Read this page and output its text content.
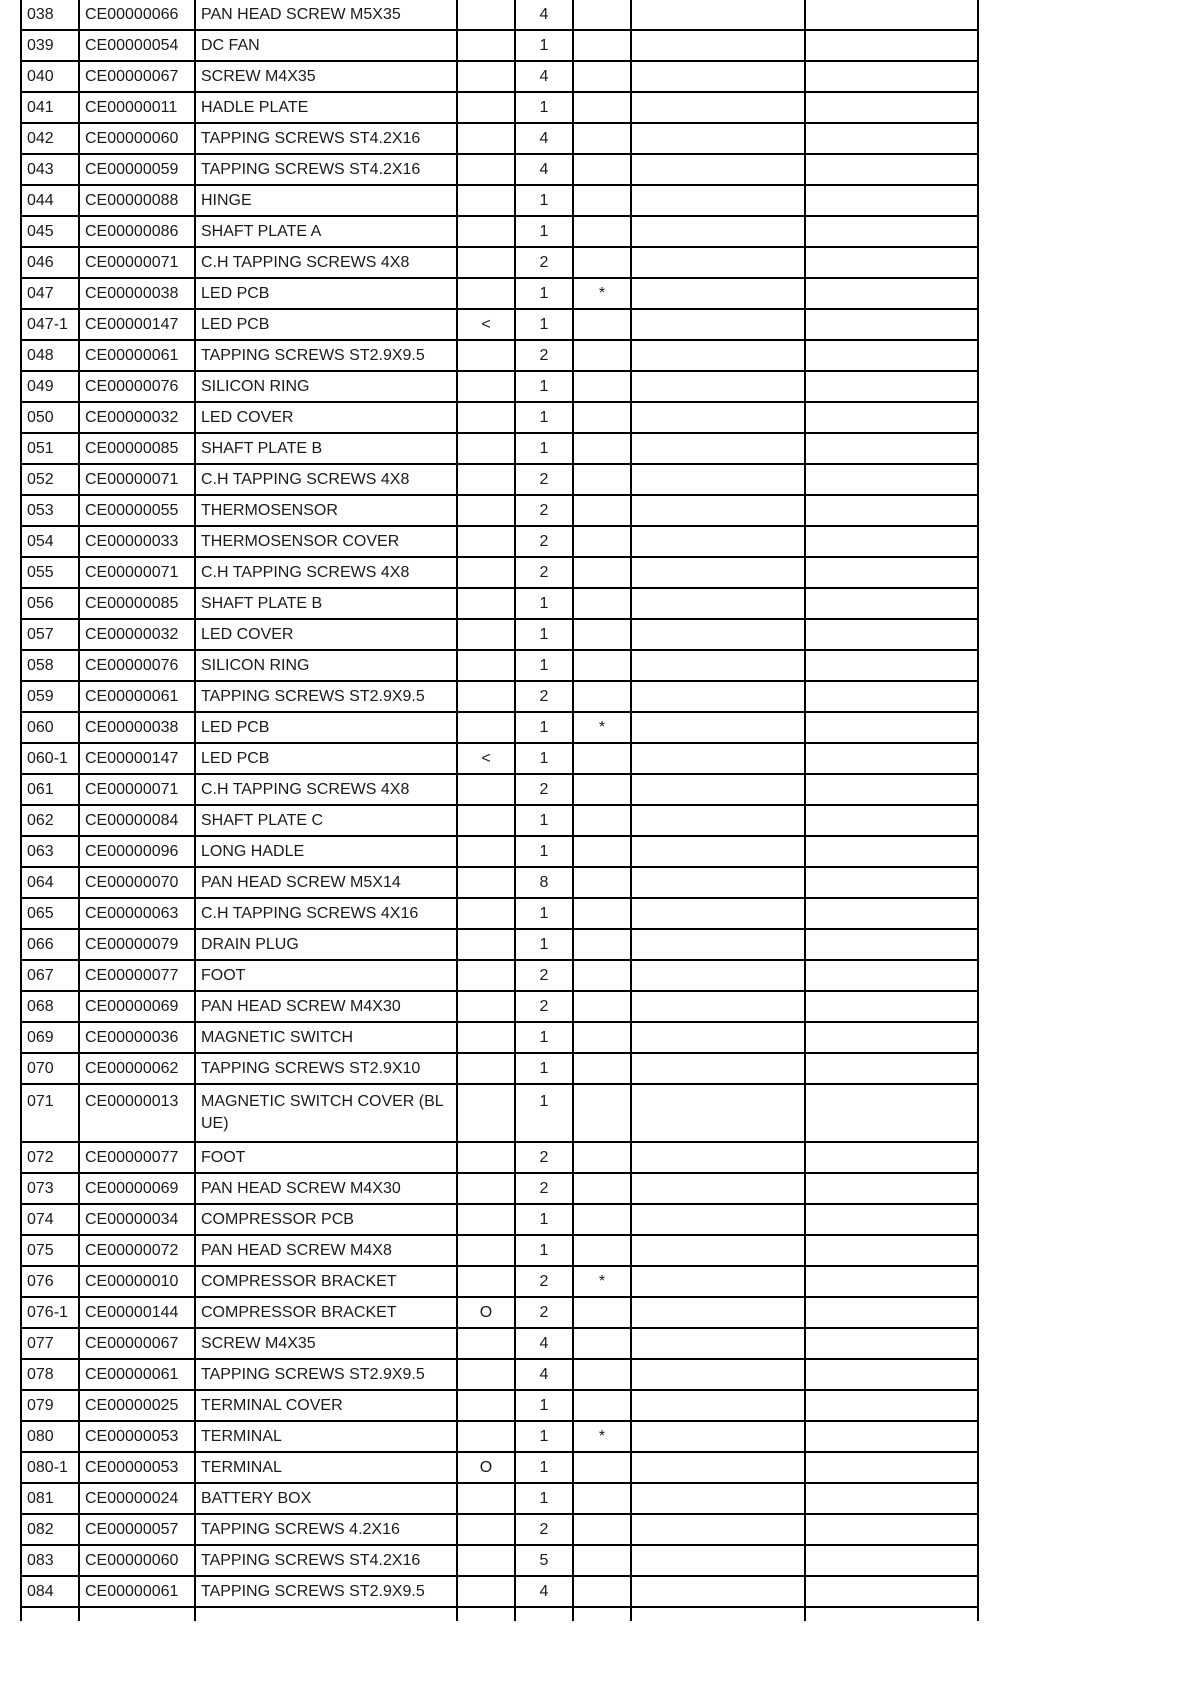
038	CE00000066	PAN HEAD SCREW M5X35		4			
039	CE00000054	DC FAN		1			
040	CE00000067	SCREW M4X35		4			
041	CE00000011	HADLE PLATE		1			
042	CE00000060	TAPPING SCREWS ST4.2X16		4			
043	CE00000059	TAPPING SCREWS ST4.2X16		4			
044	CE00000088	HINGE		1			
045	CE00000086	SHAFT PLATE A		1			
046	CE00000071	C.H TAPPING SCREWS 4X8		2			
047	CE00000038	LED PCB		1	*		
047-1	CE00000147	LED PCB	<	1			
048	CE00000061	TAPPING SCREWS ST2.9X9.5		2			
049	CE00000076	SILICON RING		1			
050	CE00000032	LED COVER		1			
051	CE00000085	SHAFT PLATE B		1			
052	CE00000071	C.H TAPPING SCREWS 4X8		2			
053	CE00000055	THERMOSENSOR		2			
054	CE00000033	THERMOSENSOR COVER		2			
055	CE00000071	C.H TAPPING SCREWS 4X8		2			
056	CE00000085	SHAFT PLATE B		1			
057	CE00000032	LED COVER		1			
058	CE00000076	SILICON RING		1			
059	CE00000061	TAPPING SCREWS ST2.9X9.5		2			
060	CE00000038	LED PCB		1	*		
060-1	CE00000147	LED PCB	<	1			
061	CE00000071	C.H TAPPING SCREWS 4X8		2			
062	CE00000084	SHAFT PLATE C		1			
063	CE00000096	LONG HADLE		1			
064	CE00000070	PAN HEAD SCREW M5X14		8			
065	CE00000063	C.H TAPPING SCREWS 4X16		1			
066	CE00000079	DRAIN PLUG		1			
067	CE00000077	FOOT		2			
068	CE00000069	PAN HEAD SCREW M4X30		2			
069	CE00000036	MAGNETIC SWITCH		1			
070	CE00000062	TAPPING SCREWS ST2.9X10		1			
071	CE00000013	MAGNETIC SWITCH COVER (BLUE)		1			
072	CE00000077	FOOT		2			
073	CE00000069	PAN HEAD SCREW M4X30		2			
074	CE00000034	COMPRESSOR PCB		1			
075	CE00000072	PAN HEAD SCREW M4X8		1			
076	CE00000010	COMPRESSOR BRACKET		2	*		
076-1	CE00000144	COMPRESSOR BRACKET	O	2			
077	CE00000067	SCREW M4X35		4			
078	CE00000061	TAPPING SCREWS ST2.9X9.5		4			
079	CE00000025	TERMINAL COVER		1			
080	CE00000053	TERMINAL		1	*		
080-1	CE00000053	TERMINAL	O	1			
081	CE00000024	BATTERY BOX		1			
082	CE00000057	TAPPING SCREWS 4.2X16		2			
083	CE00000060	TAPPING SCREWS ST4.2X16		5			
084	CE00000061	TAPPING SCREWS ST2.9X9.5		4			
